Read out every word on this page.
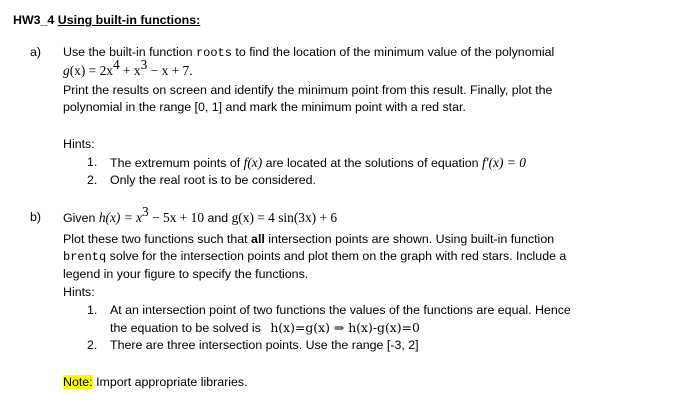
HW3_4 Using built-in functions:
a) Use the built-in function roots to find the location of the minimum value of the polynomial
$g(x) = 2x^4 + x^3 - x + 7$.
Print the results on screen and identify the minimum point from this result. Finally, plot the
polynomial in the range [0, 1] and mark the minimum point with a red star.
Hints:
1. The extremum points of f(x) are located at the solutions of equation f′(x) = 0
2. Only the real root is to be considered.
b) Given $h(x) = x^3 - 5x + 10$ and g(x) = 4 sin(3x) + 6
Plot these two functions such that all intersection points are shown. Using built-in function
brentq solve for the intersection points and plot them on the graph with red stars. Include a
legend in your figure to specify the functions.
Hints:
1. At an intersection point of two functions the values of the functions are equal. Hence
the equation to be solved is h(x)=g(x) ⇒ h(x)-g(x)=0
2. There are three intersection points. Use the range [-3, 2]
Note: Import appropriate libraries.
